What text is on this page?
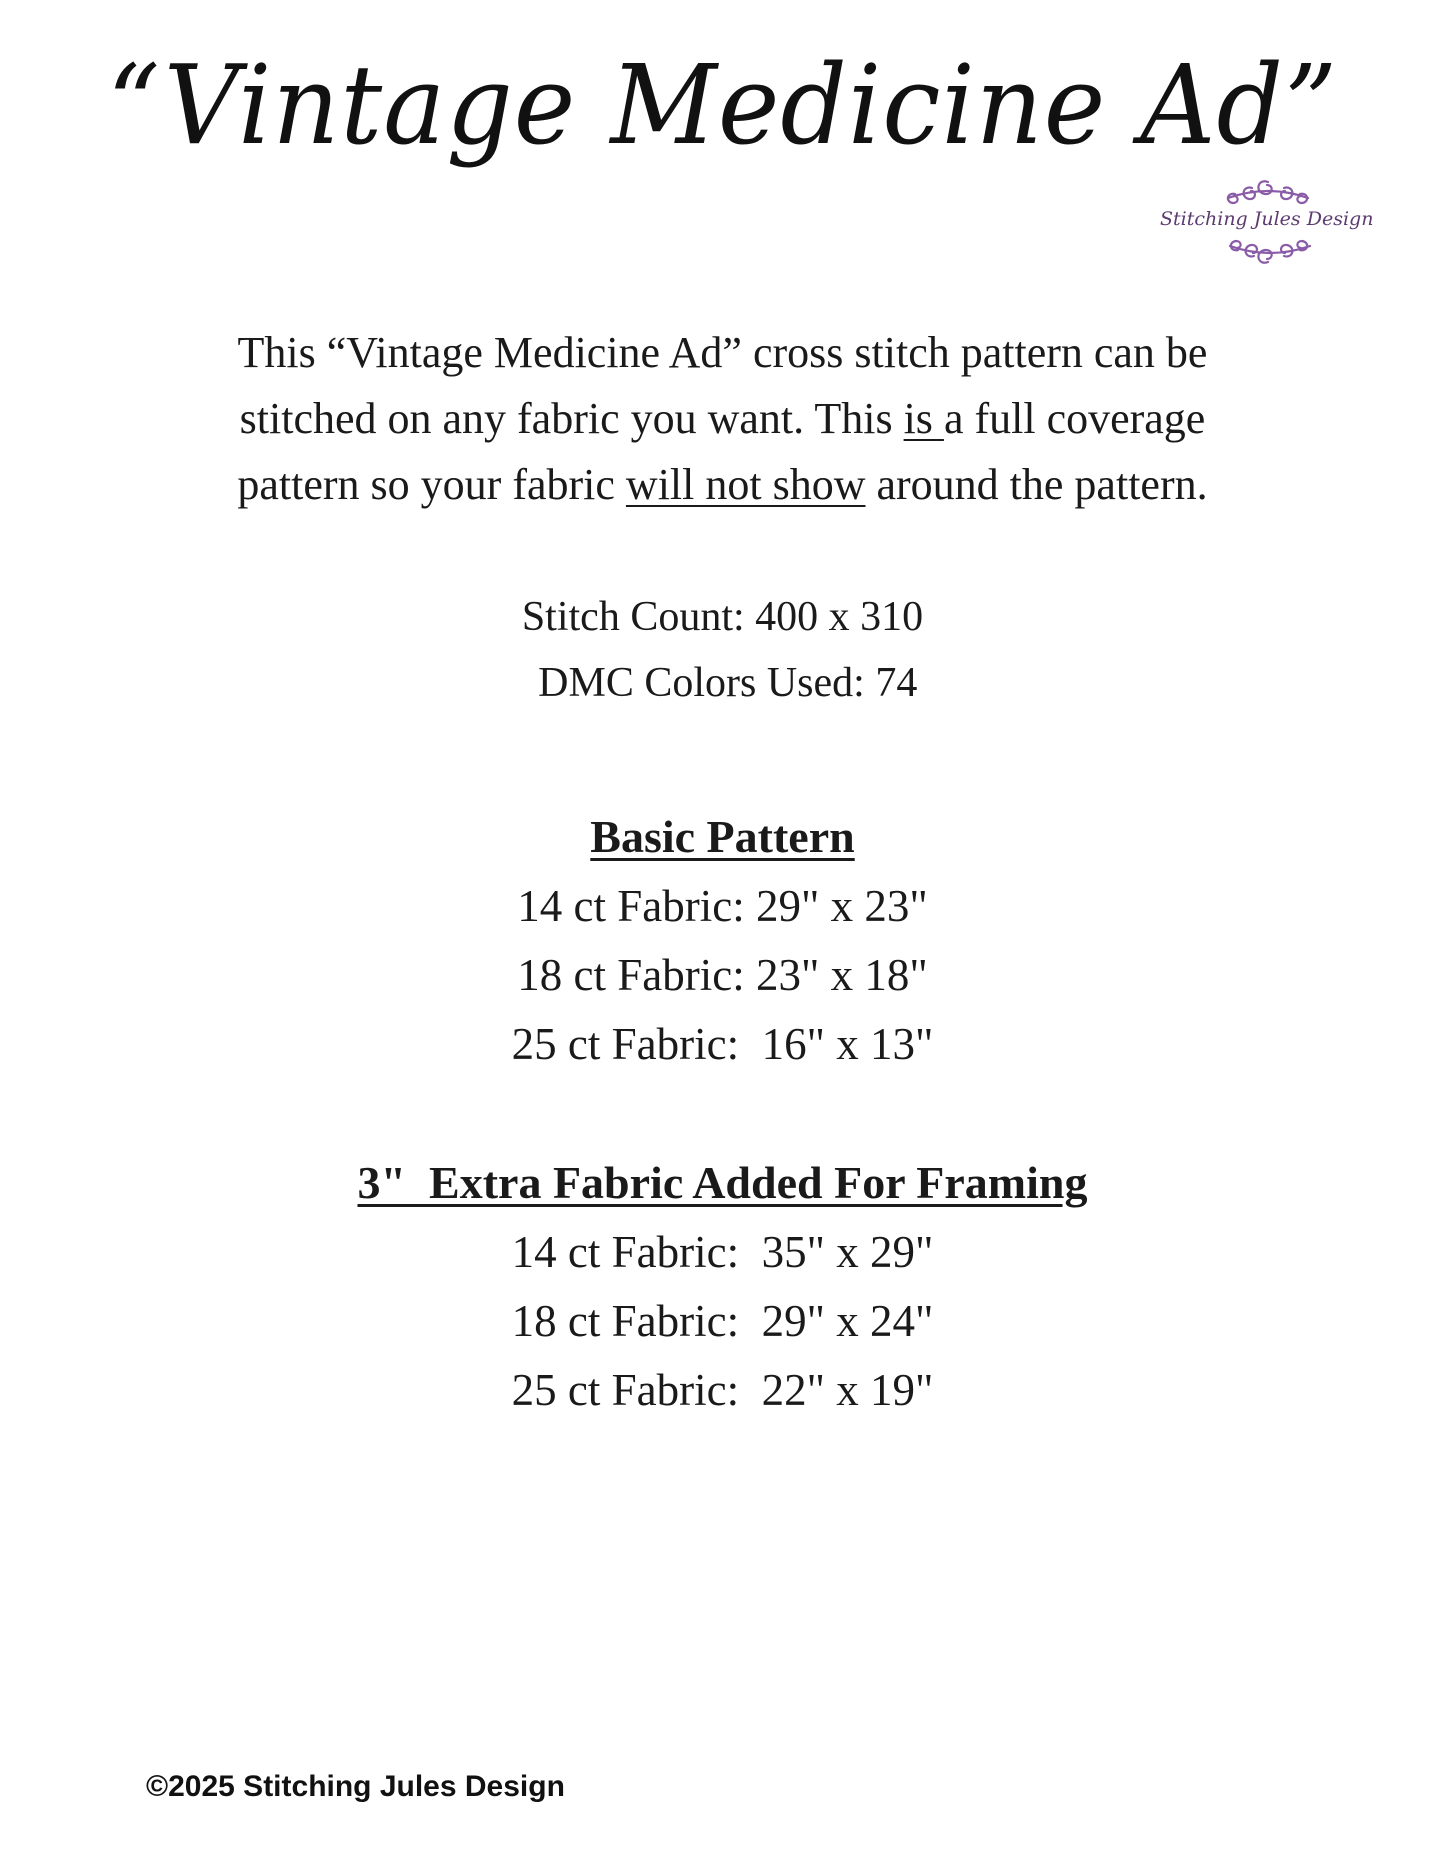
“Vintage Medicine Ad”
Stitching Jules Design

This “Vintage Medicine Ad” cross stitch pattern can be

stitched on any fabric you want. This is a full coverage

pattern so your fabric will not show around the pattern.

Stitch Count: 400 x 310
DMC Colors Used: 74
Basic Pattern
14 ct Fabric: 29" x 23"
18 ct Fabric: 23" x 18"
25 ct Fabric:  16" x 13"
3"  Extra Fabric Added For Framing
14 ct Fabric:  35" x 29"
18 ct Fabric:  29" x 24"
25 ct Fabric:  22" x 19"
©2025 Stitching Jules Design
